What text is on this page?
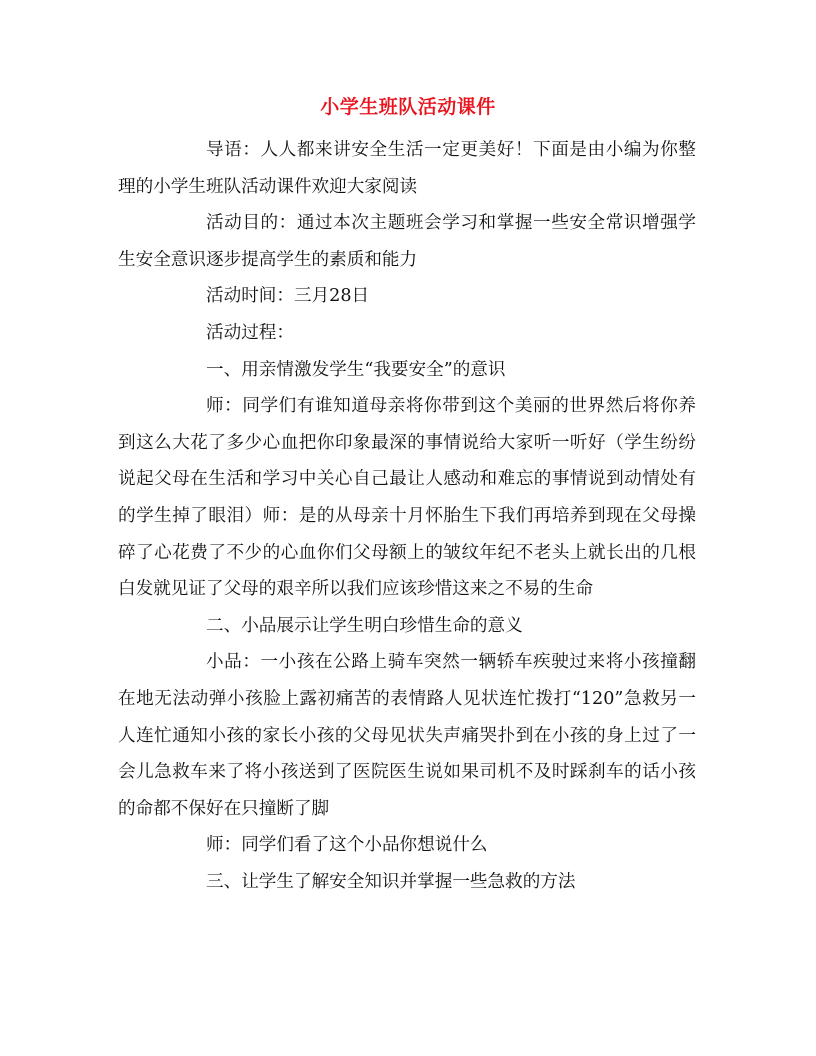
小学生班队活动课件

导语：人人都来讲安全生活一定更美好！下面是由小编为你整理的小学生班队活动课件欢迎大家阅读

活动目的：通过本次主题班会学习和掌握一些安全常识增强学生安全意识逐步提高学生的素质和能力

活动时间：三月28日

活动过程：

一、用亲情激发学生“我要安全”的意识

师：同学们有谁知道母亲将你带到这个美丽的世界然后将你养到这么大花了多少心血把你印象最深的事情说给大家听一听好（学生纷纷说起父母在生活和学习中关心自己最让人感动和难忘的事情说到动情处有的学生掉了眼泪）师：是的从母亲十月怀胎生下我们再培养到现在父母操碎了心花费了不少的心血你们父母额上的皱纹年纪不老头上就长出的几根白发就见证了父母的艰辛所以我们应该珍惜这来之不易的生命

二、小品展示让学生明白珍惜生命的意义

小品：一小孩在公路上骑车突然一辆轿车疾驶过来将小孩撞翻在地无法动弹小孩脸上露初痛苦的表情路人见状连忙拨打“120”急救另一人连忙通知小孩的家长小孩的父母见状失声痛哭扑到在小孩的身上过了一会儿急救车来了将小孩送到了医院医生说如果司机不及时踩刹车的话小孩的命都不保好在只撞断了脚

师：同学们看了这个小品你想说什么

三、让学生了解安全知识并掌握一些急救的方法
